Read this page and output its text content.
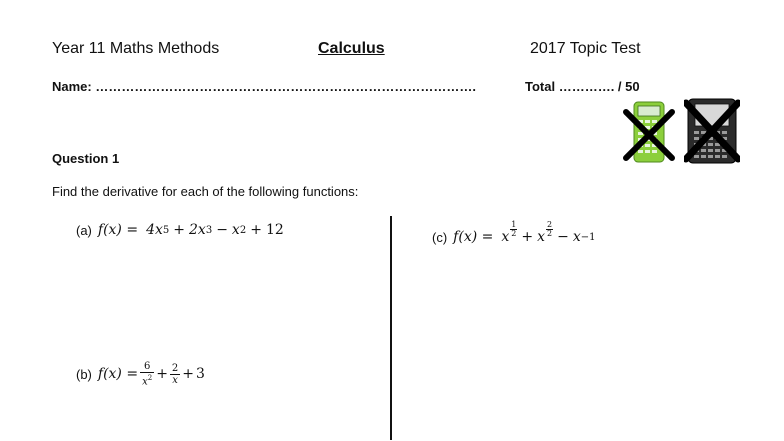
Year 11 Maths Methods	Calculus	2017 Topic Test
Name: …………………………………………………………………………….	Total …………. / 50
Question 1
Find the derivative for each of the following functions:
(a) f(x) = 4x 5 + 2x 3 − x 2 + 12	(c) f(x) = x $\frac{1}{2} + x \frac{2}{2} - x -1$
(b) $f(x) = \frac{6}{x^2} + \frac{2}{x} + 3$
